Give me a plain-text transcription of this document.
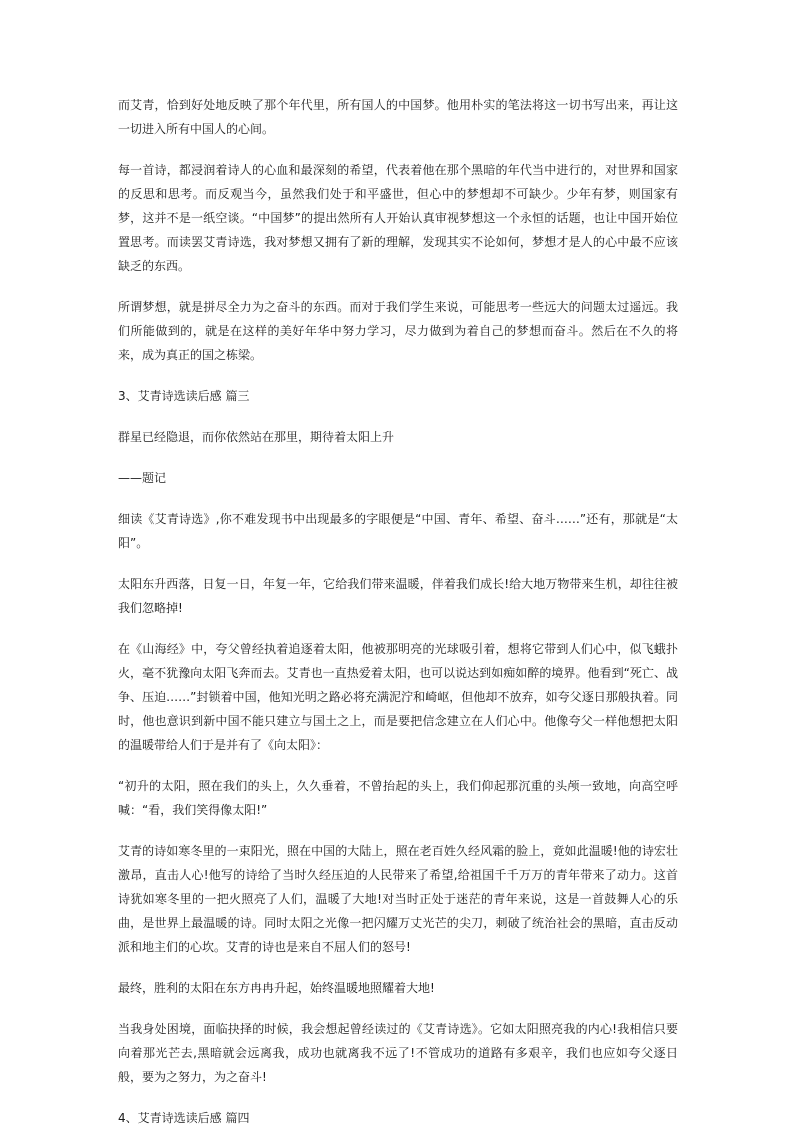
而艾青，恰到好处地反映了那个年代里，所有国人的中国梦。他用朴实的笔法将这一切书写出来，再让这一切进入所有中国人的心间。

每一首诗，都浸润着诗人的心血和最深刻的希望，代表着他在那个黑暗的年代当中进行的，对世界和国家的反思和思考。而反观当今，虽然我们处于和平盛世，但心中的梦想却不可缺少。少年有梦，则国家有梦，这并不是一纸空谈。“中国梦”的提出然所有人开始认真审视梦想这一个永恒的话题，也让中国开始位置思考。而读罢艾青诗选，我对梦想又拥有了新的理解，发现其实不论如何，梦想才是人的心中最不应该缺乏的东西。

所谓梦想，就是拼尽全力为之奋斗的东西。而对于我们学生来说，可能思考一些远大的问题太过遥远。我们所能做到的，就是在这样的美好年华中努力学习，尽力做到为着自己的梦想而奋斗。然后在不久的将来，成为真正的国之栋梁。

3、艾青诗选读后感 篇三

群星已经隐退，而你依然站在那里，期待着太阳上升

——题记

细读《艾青诗选》,你不难发现书中出现最多的字眼便是“中国、青年、希望、奋斗……”还有，那就是“太阳”。

太阳东升西落，日复一日，年复一年，它给我们带来温暖，伴着我们成长!给大地万物带来生机，却往往被我们忽略掉!

在《山海经》中，夸父曾经执着追逐着太阳，他被那明亮的光球吸引着，想将它带到人们心中，似飞蛾扑火，毫不犹豫向太阳飞奔而去。艾青也一直热爱着太阳，也可以说达到如痴如醉的境界。他看到“死亡、战争、压迫……”封锁着中国，他知光明之路必将充满泥泞和崎岖，但他却不放弃，如夸父逐日那般执着。同时，他也意识到新中国不能只建立与国土之上，而是要把信念建立在人们心中。他像夸父一样他想把太阳的温暖带给人们于是并有了《向太阳》：

“初升的太阳，照在我们的头上，久久垂着，不曾抬起的头上，我们仰起那沉重的头颅一致地，向高空呼喊：“看，我们笑得像太阳!”

艾青的诗如寒冬里的一束阳光，照在中国的大陆上，照在老百姓久经风霜的脸上，竟如此温暖!他的诗宏壮激昂，直击人心!他写的诗给了当时久经压迫的人民带来了希望,给祖国千千万万的青年带来了动力。这首诗犹如寒冬里的一把火照亮了人们，温暖了大地!对当时正处于迷茫的青年来说，这是一首鼓舞人心的乐曲，是世界上最温暖的诗。同时太阳之光像一把闪耀万丈光芒的尖刀，刺破了统治社会的黑暗，直击反动派和地主们的心坎。艾青的诗也是来自不屈人们的怒号!

最终，胜利的太阳在东方冉冉升起，始终温暖地照耀着大地!

当我身处困境，面临抉择的时候，我会想起曾经读过的《艾青诗选》。它如太阳照亮我的内心!我相信只要向着那光芒去,黑暗就会远离我，成功也就离我不远了!不管成功的道路有多艰辛，我们也应如夸父逐日般，要为之努力，为之奋斗!

4、艾青诗选读后感 篇四
